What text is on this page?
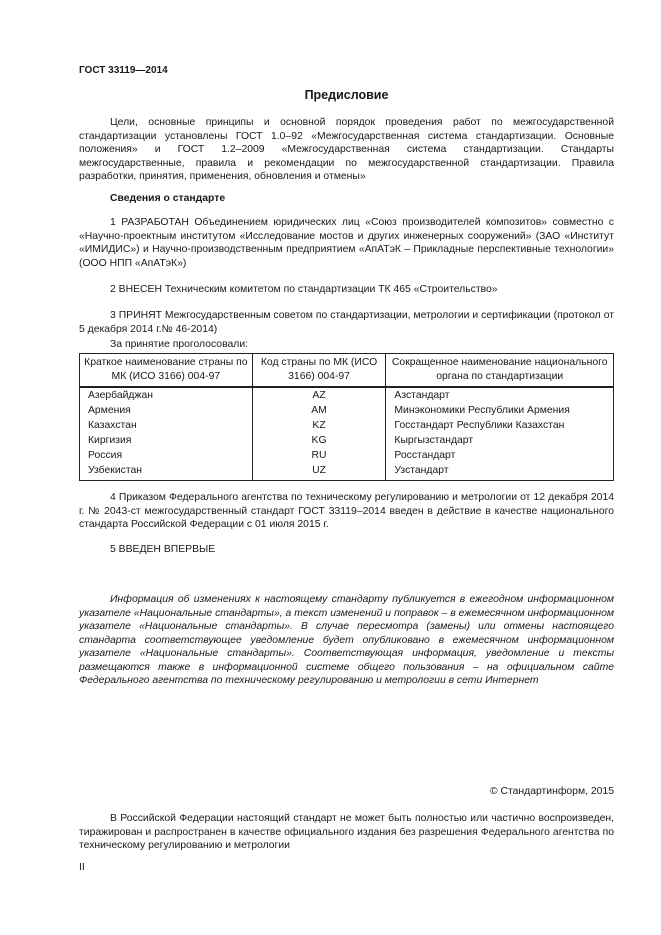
ГОСТ 33119—2014
Предисловие

Цели, основные принципы и основной порядок проведения работ по межгосударственной стандартизации установлены ГОСТ 1.0–92 «Межгосударственная система стандартизации. Основные положения» и ГОСТ 1.2–2009 «Межгосударственная система стандартизации. Стандарты межгосударственные, правила и рекомендации по межгосударственной стандартизации. Правила разработки, принятия, применения, обновления и отмены»

Сведения о стандарте

1 РАЗРАБОТАН Объединением юридических лиц «Союз производителей композитов» совместно с «Научно-проектным институтом «Исследование мостов и других инженерных сооружений» (ЗАО «Институт «ИМИДИС») и Научно-производственным предприятием «АпАТэК – Прикладные перспективные технологии» (ООО НПП «АпАТэК»)

2 ВНЕСЕН Техническим комитетом по стандартизации ТК 465 «Строительство»

3 ПРИНЯТ Межгосударственным советом по стандартизации, метрологии и сертификации (протокол от 5 декабря 2014 г.№ 46-2014)

За принятие проголосовали:
Краткое наименование страны по МК (ИСО 3166) 004-97	Код страны по МК (ИСО 3166) 004-97	Сокращенное наименование национального органа по стандартизации
Азербайджан	AZ	Азстандарт
Армения	AM	Минэкономики Республики Армения
Казахстан	KZ	Госстандарт Республики Казахстан
Киргизия	KG	Кыргызстандарт
Россия	RU	Росстандарт
Узбекистан	UZ	Узстандарт

4 Приказом Федерального агентства по техническому регулированию и метрологии от 12 декабря 2014 г. № 2043-ст межгосударственный стандарт ГОСТ 33119–2014 введен в действие в качестве национального стандарта Российской Федерации с 01 июля 2015 г.

5 ВВЕДЕН ВПЕРВЫЕ

Информация об изменениях к настоящему стандарту публикуется в ежегодном информационном указателе «Национальные стандарты», а текст изменений и поправок – в ежемесячном информационном указателе «Национальные стандарты». В случае пересмотра (замены) или отмены настоящего стандарта соответствующее уведомление будет опубликовано в ежемесячном информационном указателе «Национальные стандарты». Соответствующая информация, уведомление и тексты размещаются также в информационной системе общего пользования – на официальном сайте Федерального агентства по техническому регулированию и метрологии в сети Интернет

© Стандартинформ, 2015

В Российской Федерации настоящий стандарт не может быть полностью или частично воспроизведен, тиражирован и распространен в качестве официального издания без разрешения Федерального агентства по техническому регулированию и метрологии

II
